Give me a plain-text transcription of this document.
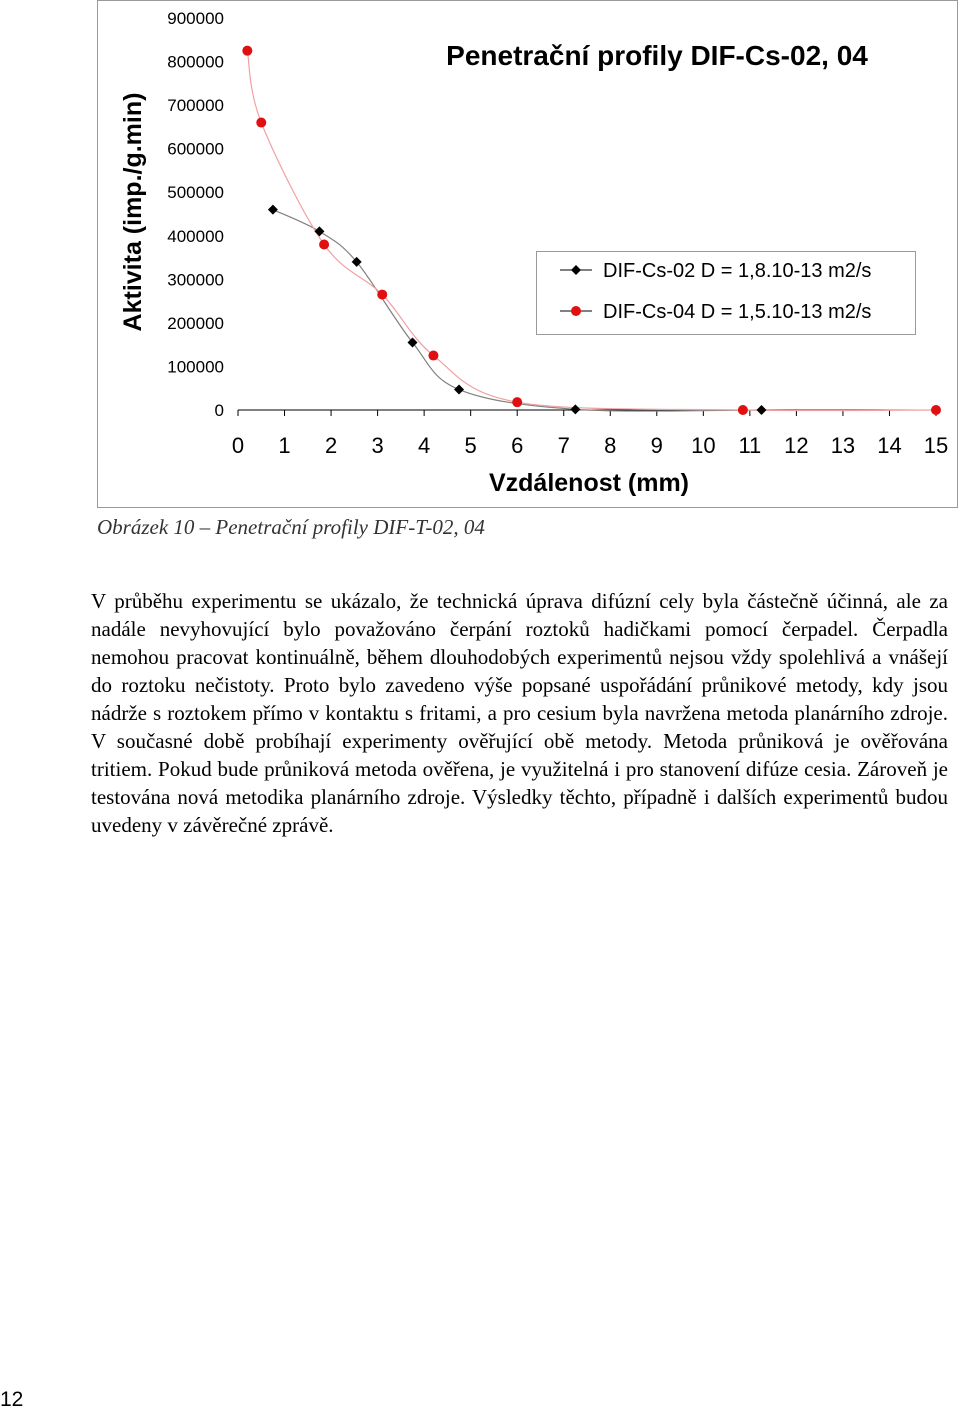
Penetrační profily DIF-Cs-02, 04
Aktivita (imp./g.min)
Vzdálenost (mm)
0
100000
200000
300000
400000
500000
600000
700000
800000
900000
0 1 2 3 4 5 6 7 8 9 10 11 12 13 14 15
DIF-Cs-02 D = 1,8.10-13 m2/s
DIF-Cs-04 D = 1,5.10-13 m2/s
Obrázek 10 – Penetrační profily DIF-T-02, 04

V průběhu experimentu se ukázalo, že technická úprava difúzní cely byla částečně účinná, ale za nadále nevyhovující bylo považováno čerpání roztoků hadičkami pomocí čerpadel. Čerpadla nemohou pracovat kontinuálně, během dlouhodobých experimentů nejsou vždy spolehlivá a vnášejí do roztoku nečistoty. Proto bylo zavedeno výše popsané uspořádání průnikové metody, kdy jsou nádrže s roztokem přímo v kontaktu s fritami, a pro cesium byla navržena metoda planárního zdroje. V současné době probíhají experimenty ověřující obě metody. Metoda průniková je ověřována tritiem. Pokud bude průniková metoda ověřena, je využitelná i pro stanovení difúze cesia. Zároveň je testována nová metodika planárního zdroje. Výsledky těchto, případně i dalších experimentů budou uvedeny v závěrečné zprávě.

12
